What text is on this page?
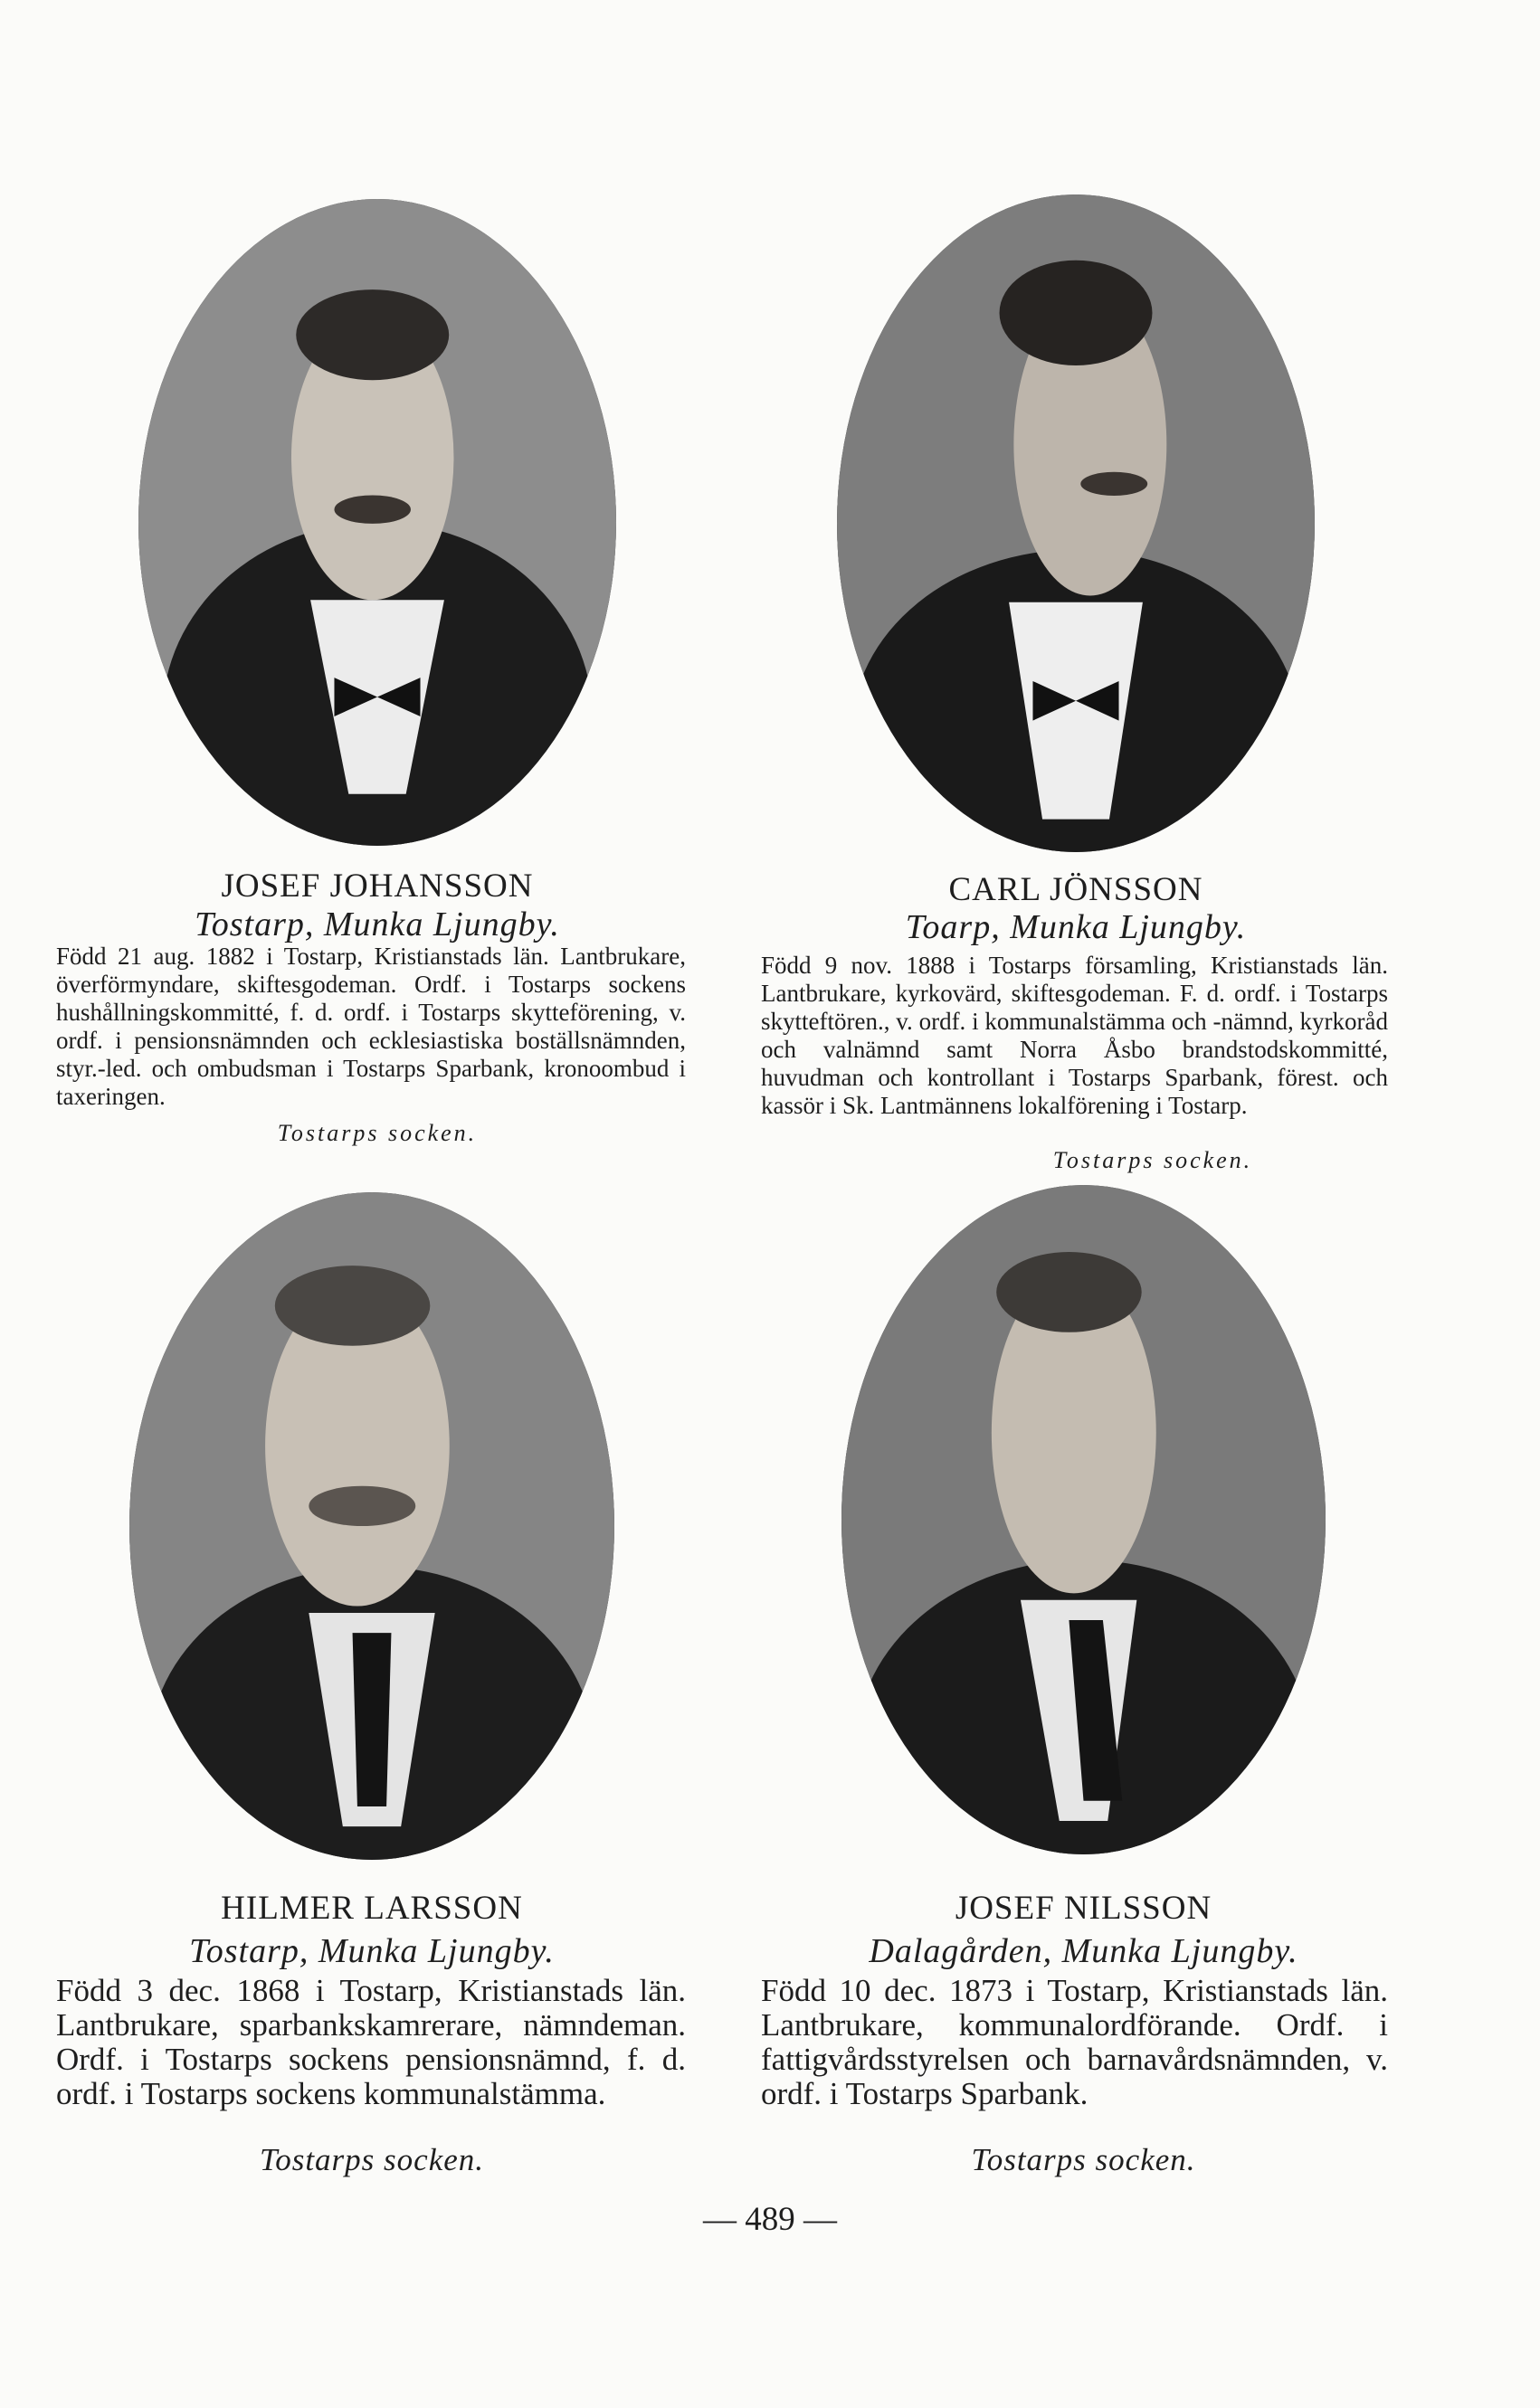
JOSEF JOHANSSON
Tostarp, Munka Ljungby.
Född 21 aug. 1882 i Tostarp, Kristianstads län. Lantbrukare, överförmyndare, skiftesgodeman. Ordf. i Tostarps sockens hushållningskommitté, f. d. ordf. i Tostarps skytteförening, v. ordf. i pensionsnämnden och ecklesiastiska boställsnämnden, styr.-led. och ombudsman i Tostarps Sparbank, kronoombud i taxeringen.
Tostarps socken.
CARL JÖNSSON
Toarp, Munka Ljungby.
Född 9 nov. 1888 i Tostarps församling, Kristianstads län. Lantbrukare, kyrkovärd, skiftesgodeman. F. d. ordf. i Tostarps skytteftören., v. ordf. i kommunalstämma och -nämnd, kyrkoråd och valnämnd samt Norra Åsbo brandstodskommitté, huvudman och kontrollant i Tostarps Sparbank, förest. och kassör i Sk. Lantmännens lokalförening i Tostarp.
Tostarps socken.
HILMER LARSSON
Tostarp, Munka Ljungby.
Född 3 dec. 1868 i Tostarp, Kristianstads län. Lantbrukare, sparbankskamrerare, nämndeman. Ordf. i Tostarps sockens pensionsnämnd, f. d. ordf. i Tostarps sockens kommunalstämma.
Tostarps socken.
JOSEF NILSSON
Dalagården, Munka Ljungby.
Född 10 dec. 1873 i Tostarp, Kristianstads län. Lantbrukare, kommunalordförande. Ordf. i fattigvårdsstyrelsen och barnavårdsnämnden, v. ordf. i Tostarps Sparbank.
Tostarps socken.
— 489 —
